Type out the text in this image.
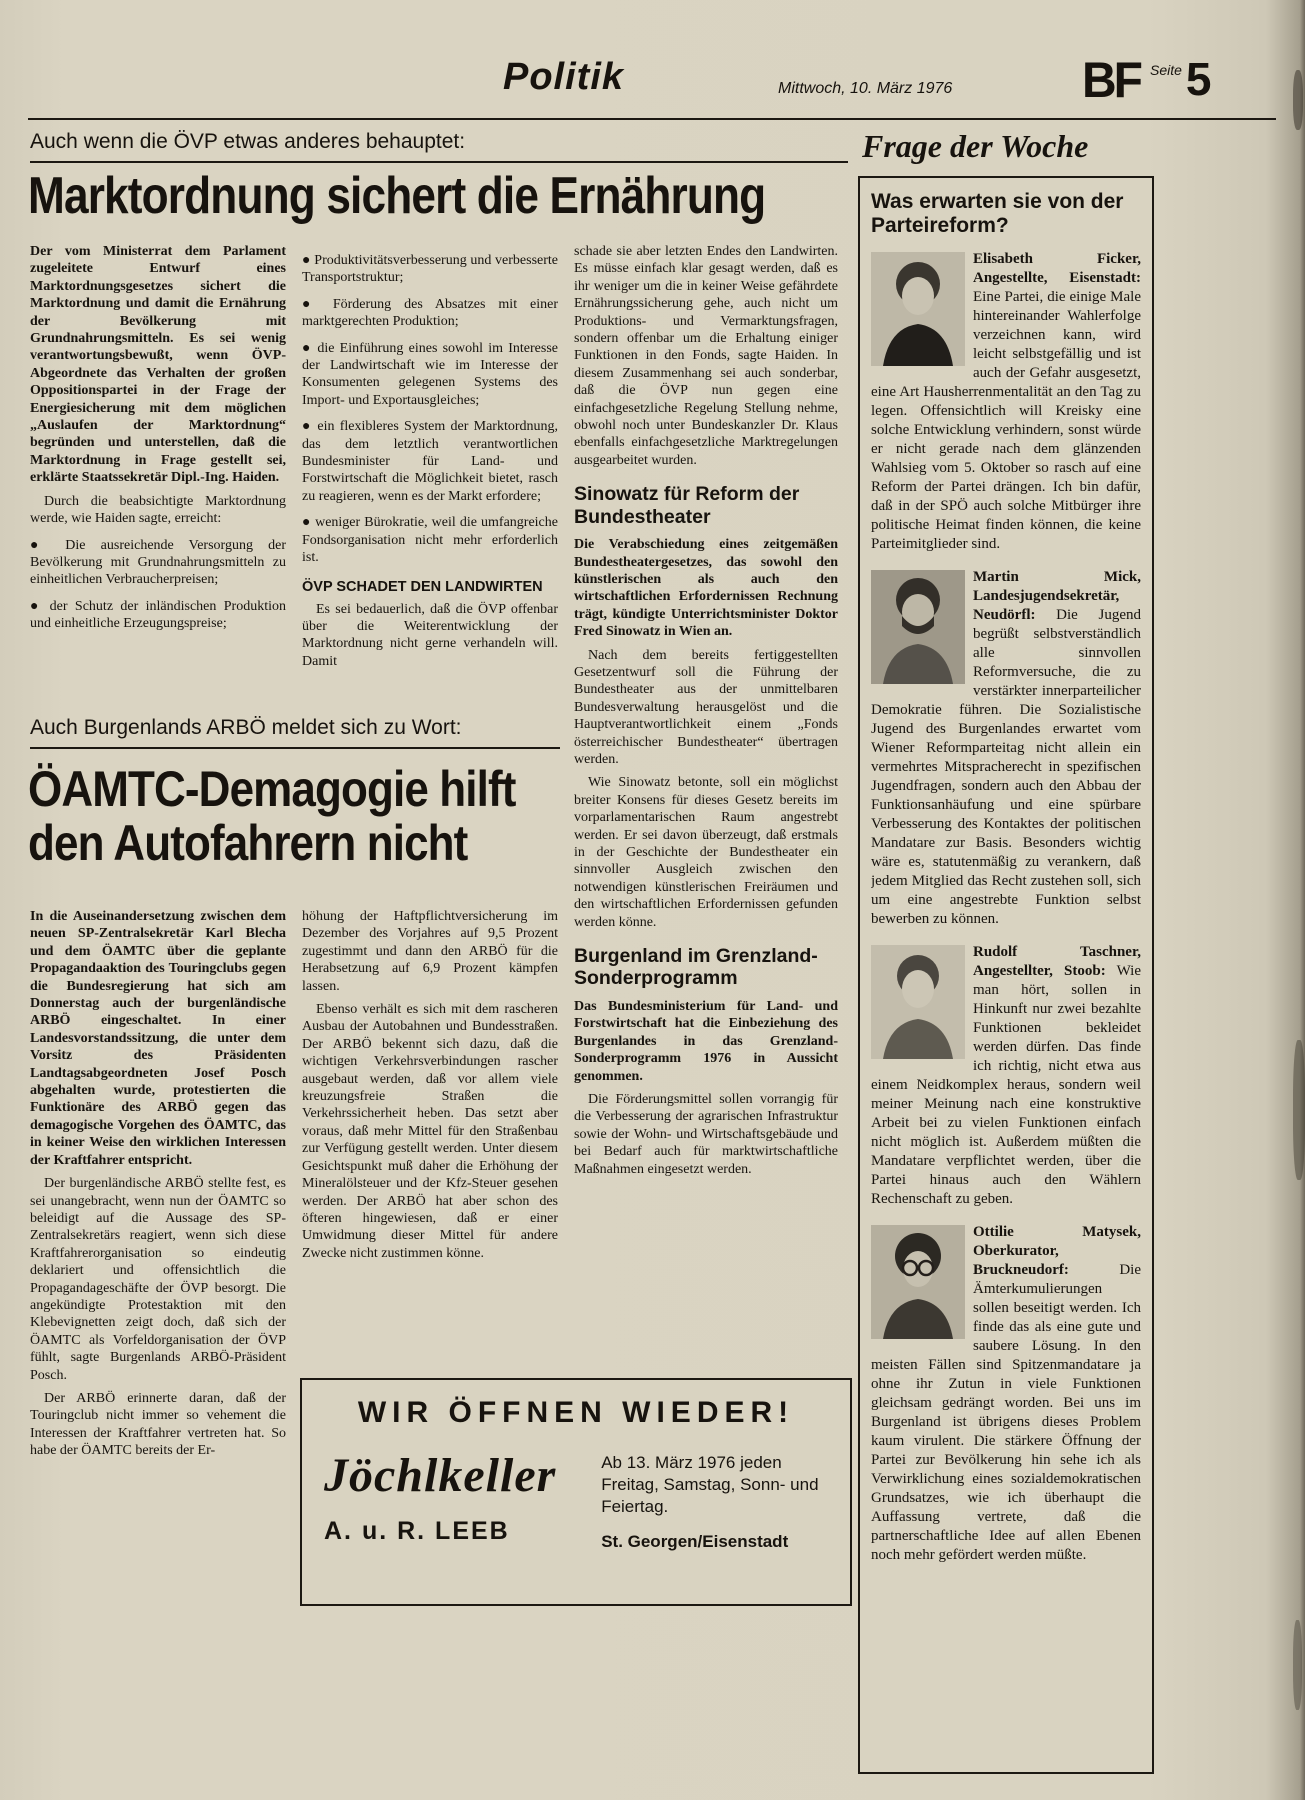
Politik	Mittwoch, 10. März 1976	BF Seite 5
Auch wenn die ÖVP etwas anderes behauptet:
Marktordnung sichert die Ernährung

Der vom Ministerrat dem Parlament zugeleitete Entwurf eines Marktordnungsgesetzes sichert die Marktordnung und damit die Ernährung der Bevölkerung mit Grundnahrungsmitteln. Es sei wenig verantwortungsbewußt, wenn ÖVP-Abgeordnete das Verhalten der großen Oppositionspartei in der Frage der Energiesicherung mit dem möglichen „Auslaufen der Marktordnung“ begründen und unterstellen, daß die Marktordnung in Frage gestellt sei, erklärte Staatssekretär Dipl.-Ing. Haiden.

Durch die beabsichtigte Marktordnung werde, wie Haiden sagte, erreicht:

● Die ausreichende Versorgung der Bevölkerung mit Grundnahrungsmitteln zu einheitlichen Verbraucherpreisen;

● der Schutz der inländischen Produktion und einheitliche Erzeugungspreise;

● Produktivitätsverbesserung und verbesserte Transportstruktur;

● Förderung des Absatzes mit einer marktgerechten Produktion;

● die Einführung eines sowohl im Interesse der Landwirtschaft wie im Interesse der Konsumenten gelegenen Systems des Import- und Exportausgleiches;

● ein flexibleres System der Marktordnung, das dem letztlich verantwortlichen Bundesminister für Land- und Forstwirtschaft die Möglichkeit bietet, rasch zu reagieren, wenn es der Markt erfordere;

● weniger Bürokratie, weil die umfangreiche Fondsorganisation nicht mehr erforderlich ist.

ÖVP SCHADET DEN LANDWIRTEN

Es sei bedauerlich, daß die ÖVP offenbar über die Weiterentwicklung der Marktordnung nicht gerne verhandeln will. Damit

schade sie aber letzten Endes den Landwirten. Es müsse einfach klar gesagt werden, daß es ihr weniger um die in keiner Weise gefährdete Ernährungssicherung gehe, auch nicht um Produktions- und Vermarktungsfragen, sondern offenbar um die Erhaltung einiger Funktionen in den Fonds, sagte Haiden. In diesem Zusammenhang sei auch sonderbar, daß die ÖVP nun gegen eine einfachgesetzliche Regelung Stellung nehme, obwohl noch unter Bundeskanzler Dr. Klaus ebenfalls einfachgesetzliche Marktregelungen ausgearbeitet wurden.

Sinowatz für Reform der Bundestheater

Die Verabschiedung eines zeitgemäßen Bundestheatergesetzes, das sowohl den künstlerischen als auch den wirtschaftlichen Erfordernissen Rechnung trägt, kündigte Unterrichtsminister Doktor Fred Sinowatz in Wien an.

Nach dem bereits fertiggestellten Gesetzentwurf soll die Führung der Bundestheater aus der unmittelbaren Bundesverwaltung herausgelöst und die Hauptverantwortlichkeit einem „Fonds österreichischer Bundestheater“ übertragen werden.

Wie Sinowatz betonte, soll ein möglichst breiter Konsens für dieses Gesetz bereits im vorparlamentarischen Raum angestrebt werden. Er sei davon überzeugt, daß erstmals in der Geschichte der Bundestheater ein sinnvoller Ausgleich zwischen den notwendigen künstlerischen Freiräumen und den wirtschaftlichen Erfordernissen gefunden werden könne.

Burgenland im Grenzland-Sonderprogramm

Das Bundesministerium für Land- und Forstwirtschaft hat die Einbeziehung des Burgenlandes in das Grenzland-Sonderprogramm 1976 in Aussicht genommen.

Die Förderungsmittel sollen vorrangig für die Verbesserung der agrarischen Infrastruktur sowie der Wohn- und Wirtschaftsgebäude und bei Bedarf auch für marktwirtschaftliche Maßnahmen eingesetzt werden.

Auch Burgenlands ARBÖ meldet sich zu Wort:
ÖAMTC-Demagogie hilft
den Autofahrern nicht

In die Auseinandersetzung zwischen dem neuen SP-Zentralsekretär Karl Blecha und dem ÖAMTC über die geplante Propagandaaktion des Touringclubs gegen die Bundesregierung hat sich am Donnerstag auch der burgenländische ARBÖ eingeschaltet. In einer Landesvorstandssitzung, die unter dem Vorsitz des Präsidenten Landtagsabgeordneten Josef Posch abgehalten wurde, protestierten die Funktionäre des ARBÖ gegen das demagogische Vorgehen des ÖAMTC, das in keiner Weise den wirklichen Interessen der Kraftfahrer entspricht.

Der burgenländische ARBÖ stellte fest, es sei unangebracht, wenn nun der ÖAMTC so beleidigt auf die Aussage des SP-Zentralsekretärs reagiert, wenn sich diese Kraftfahrerorganisation so eindeutig deklariert und offensichtlich die Propagandageschäfte der ÖVP besorgt. Die angekündigte Protestaktion mit den Klebevignetten zeigt doch, daß sich der ÖAMTC als Vorfeldorganisation der ÖVP fühlt, sagte Burgenlands ARBÖ-Präsident Posch.

Der ARBÖ erinnerte daran, daß der Touringclub nicht immer so vehement die Interessen der Kraftfahrer vertreten hat. So habe der ÖAMTC bereits der Er-

höhung der Haftpflichtversicherung im Dezember des Vorjahres auf 9,5 Prozent zugestimmt und dann den ARBÖ für die Herabsetzung auf 6,9 Prozent kämpfen lassen.

Ebenso verhält es sich mit dem rascheren Ausbau der Autobahnen und Bundesstraßen. Der ARBÖ bekennt sich dazu, daß die wichtigen Verkehrsverbindungen rascher ausgebaut werden, daß vor allem viele kreuzungsfreie Straßen die Verkehrssicherheit heben. Das setzt aber voraus, daß mehr Mittel für den Straßenbau zur Verfügung gestellt werden. Unter diesem Gesichtspunkt muß daher die Erhöhung der Mineralölsteuer und der Kfz-Steuer gesehen werden. Der ARBÖ hat aber schon des öfteren hingewiesen, daß er einer Umwidmung dieser Mittel für andere Zwecke nicht zustimmen könne.

WIR ÖFFNEN WIEDER!
Jöchlkeller
A. u. R. LEEB
Ab 13. März 1976 jeden Freitag, Samstag, Sonn- und Feiertag.
St. Georgen/Eisenstadt
Frage der Woche
Was erwarten sie von der Parteireform?

Elisabeth Ficker, Angestellte, Eisenstadt: Eine Partei, die einige Male hintereinander Wahlerfolge verzeichnen kann, wird leicht selbstgefällig und ist auch der Gefahr ausgesetzt, eine Art Hausherrenmentalität an den Tag zu legen. Offensichtlich will Kreisky eine solche Entwicklung verhindern, sonst würde er nicht gerade nach dem glänzenden Wahlsieg vom 5. Oktober so rasch auf eine Reform der Partei drängen. Ich bin dafür, daß in der SPÖ auch solche Mitbürger ihre politische Heimat finden können, die keine Parteimitglieder sind.

Martin Mick, Landesjugendsekretär, Neudörfl: Die Jugend begrüßt selbstverständlich alle sinnvollen Reformversuche, die zu verstärkter innerparteilicher Demokratie führen. Die Sozialistische Jugend des Burgenlandes erwartet vom Wiener Reformparteitag nicht allein ein vermehrtes Mitspracherecht in spezifischen Jugendfragen, sondern auch den Abbau der Funktionsanhäufung und eine spürbare Verbesserung des Kontaktes der politischen Mandatare zur Basis. Besonders wichtig wäre es, statutenmäßig zu verankern, daß jedem Mitglied das Recht zustehen soll, sich um eine angestrebte Funktion selbst bewerben zu können.

Rudolf Taschner, Angestellter, Stoob: Wie man hört, sollen in Hinkunft nur zwei bezahlte Funktionen bekleidet werden dürfen. Das finde ich richtig, nicht etwa aus einem Neidkomplex heraus, sondern weil meiner Meinung nach eine konstruktive Arbeit bei zu vielen Funktionen einfach nicht möglich ist. Außerdem müßten die Mandatare verpflichtet werden, über die Partei hinaus auch den Wählern Rechenschaft zu geben.

Ottilie Matysek, Oberkurator, Bruckneudorf:	Die Ämterkumulierungen sollen beseitigt werden. Ich finde das als eine gute und saubere Lösung. In den meisten Fällen sind Spitzenmandatare ja ohne ihr Zutun in viele Funktionen gleichsam gedrängt worden. Bei uns im Burgenland ist übrigens dieses Problem kaum virulent. Die stärkere Öffnung der Partei zur Bevölkerung hin sehe ich als Verwirklichung eines sozialdemokratischen Grundsatzes, wie ich überhaupt die Auffassung vertrete, daß die partnerschaftliche Idee auf allen Ebenen noch mehr gefördert werden müßte.
